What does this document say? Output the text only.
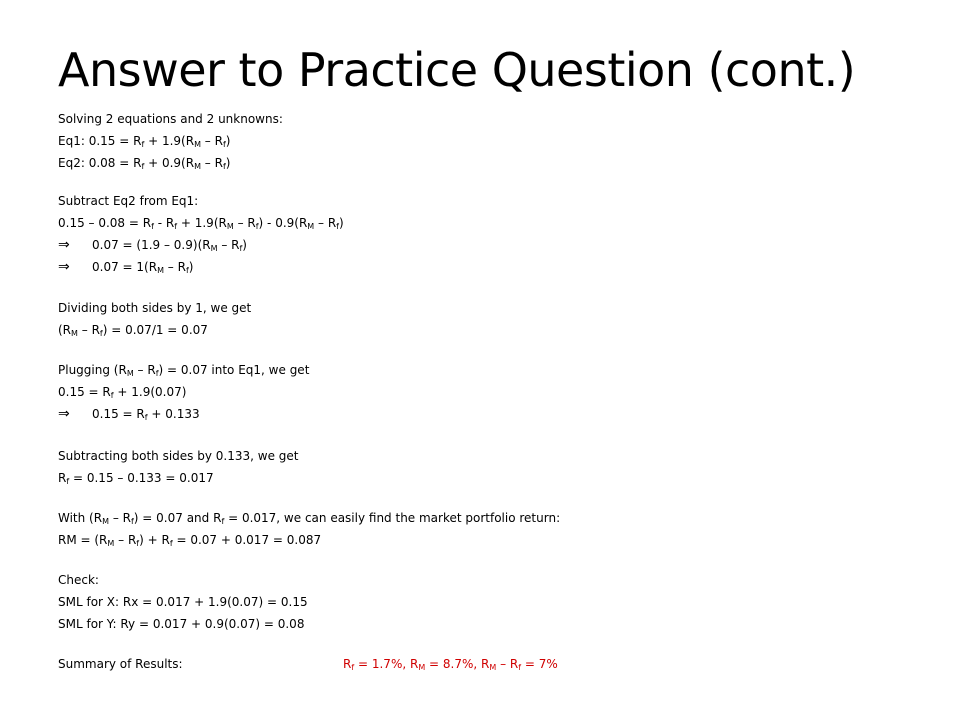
Answer to Practice Question (cont.)
Solving 2 equations and 2 unknowns:
Eq1: $0.15 = R_f + 1.9(R_M - R_f)$
Eq2: $0.08 = R_f + 0.9(R_M - R_f)$
Subtract Eq2 from Eq1:
$0.15 - 0.08 = R_f - R_f + 1.9(R_M - R_f) - 0.9(R_M - R_f)$
⇒ $0.07 = (1.9 - 0.9)(R_M - R_f)$
⇒ $0.07 = 1(R_M - R_f)$
Dividing both sides by 1, we get
$(R_M - R_f) = 0.07/1 = 0.07$
Plugging $(R_M - R_f) = 0.07$ into Eq1, we get
$0.15 = R_f + 1.9(0.07)$
⇒ $0.15 = R_f + 0.133$
Subtracting both sides by 0.133, we get
$R_f = 0.15 - 0.133 = 0.017$
With $(R_M - R_f) = 0.07$ and $R_f = 0.017$, we can easily find the market portfolio return:
RM = $(R_M - R_f) + R_f = 0.07 + 0.017 = 0.087$
Check:
SML for X: Rx = 0.017 + 1.9(0.07) = 0.15
SML for Y: Ry = 0.017 + 0.9(0.07) = 0.08
Summary of Results:	$R_f = 1.7\%$, $R_M = 8.7\%$, $R_M - R_f = 7\%$
